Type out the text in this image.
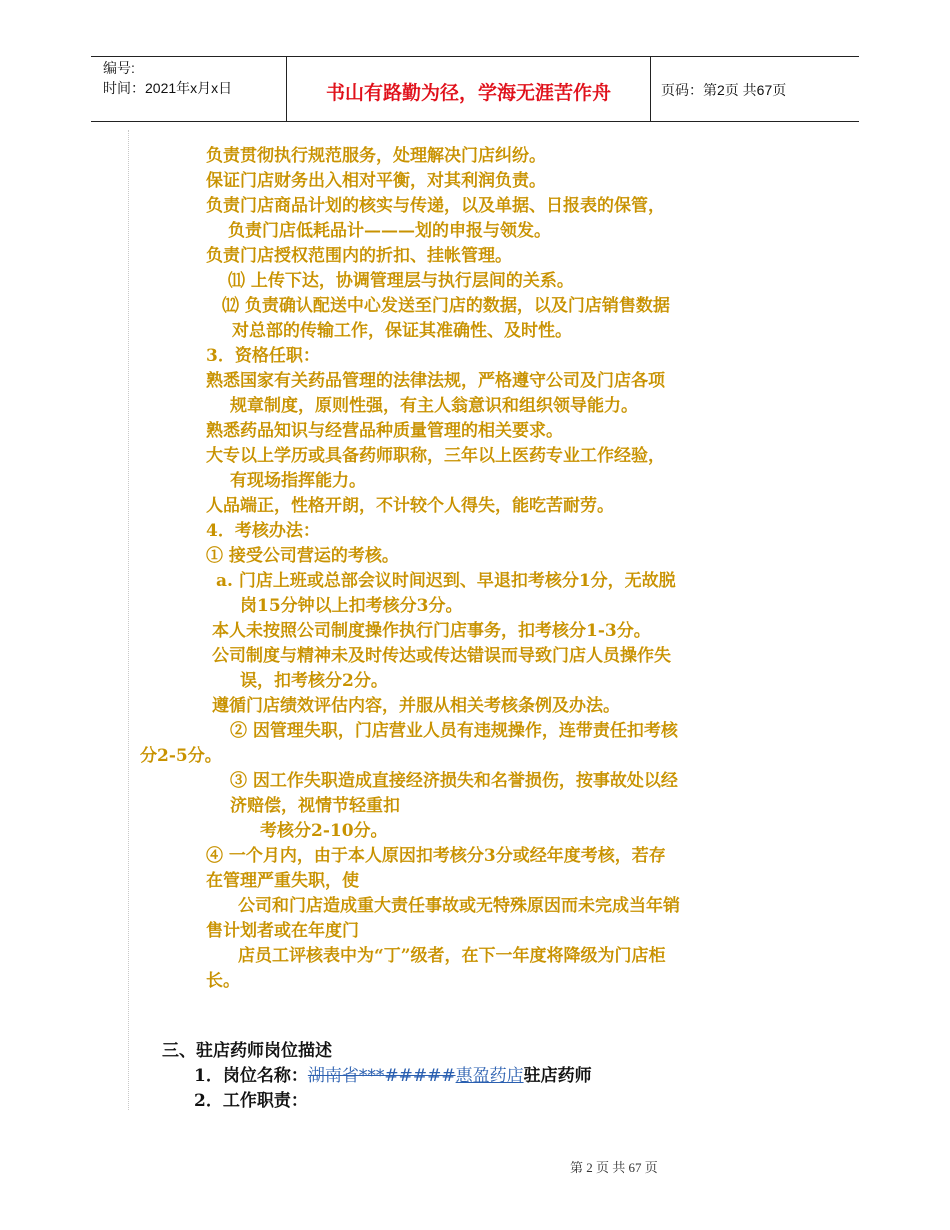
编号:
时间：2021年x月x日	书山有路勤为径，学海无涯苦作舟	页码：第2页 共67页
负责贯彻执行规范服务，处理解决门店纠纷。
保证门店财务出入相对平衡，对其利润负责。
负责门店商品计划的核实与传递，以及单据、日报表的保管，
负责门店低耗品计———划的申报与领发。
负责门店授权范围内的折扣、挂帐管理。
⑾ 上传下达，协调管理层与执行层间的关系。
⑿ 负责确认配送中心发送至门店的数据，以及门店销售数据
对总部的传输工作，保证其准确性、及时性。
3．资格任职：
熟悉国家有关药品管理的法律法规，严格遵守公司及门店各项
规章制度，原则性强，有主人翁意识和组织领导能力。
熟悉药品知识与经营品种质量管理的相关要求。
大专以上学历或具备药师职称，三年以上医药专业工作经验，
有现场指挥能力。
人品端正，性格开朗，不计较个人得失，能吃苦耐劳。
4．考核办法：
① 接受公司营运的考核。
a. 门店上班或总部会议时间迟到、早退扣考核分1分，无故脱
岗15分钟以上扣考核分3分。
本人未按照公司制度操作执行门店事务，扣考核分1-3分。
公司制度与精神未及时传达或传达错误而导致门店人员操作失
误，扣考核分2分。
遵循门店绩效评估内容，并服从相关考核条例及办法。
② 因管理失职，门店营业人员有违规操作，连带责任扣考核
分2-5分。
③ 因工作失职造成直接经济损失和名誉损伤，按事故处以经
济赔偿，视情节轻重扣
考核分2-10分。
④ 一个月内，由于本人原因扣考核分3分或经年度考核，若存
在管理严重失职，使
公司和门店造成重大责任事故或无特殊原因而未完成当年销
售计划者或在年度门
店员工评核表中为“丁”级者，在下一年度将降级为门店柜
长。
三、驻店药师岗位描述
1．岗位名称：湖南省***#####惠盈药店驻店药师
2．工作职责：
第 2 页 共 67 页
